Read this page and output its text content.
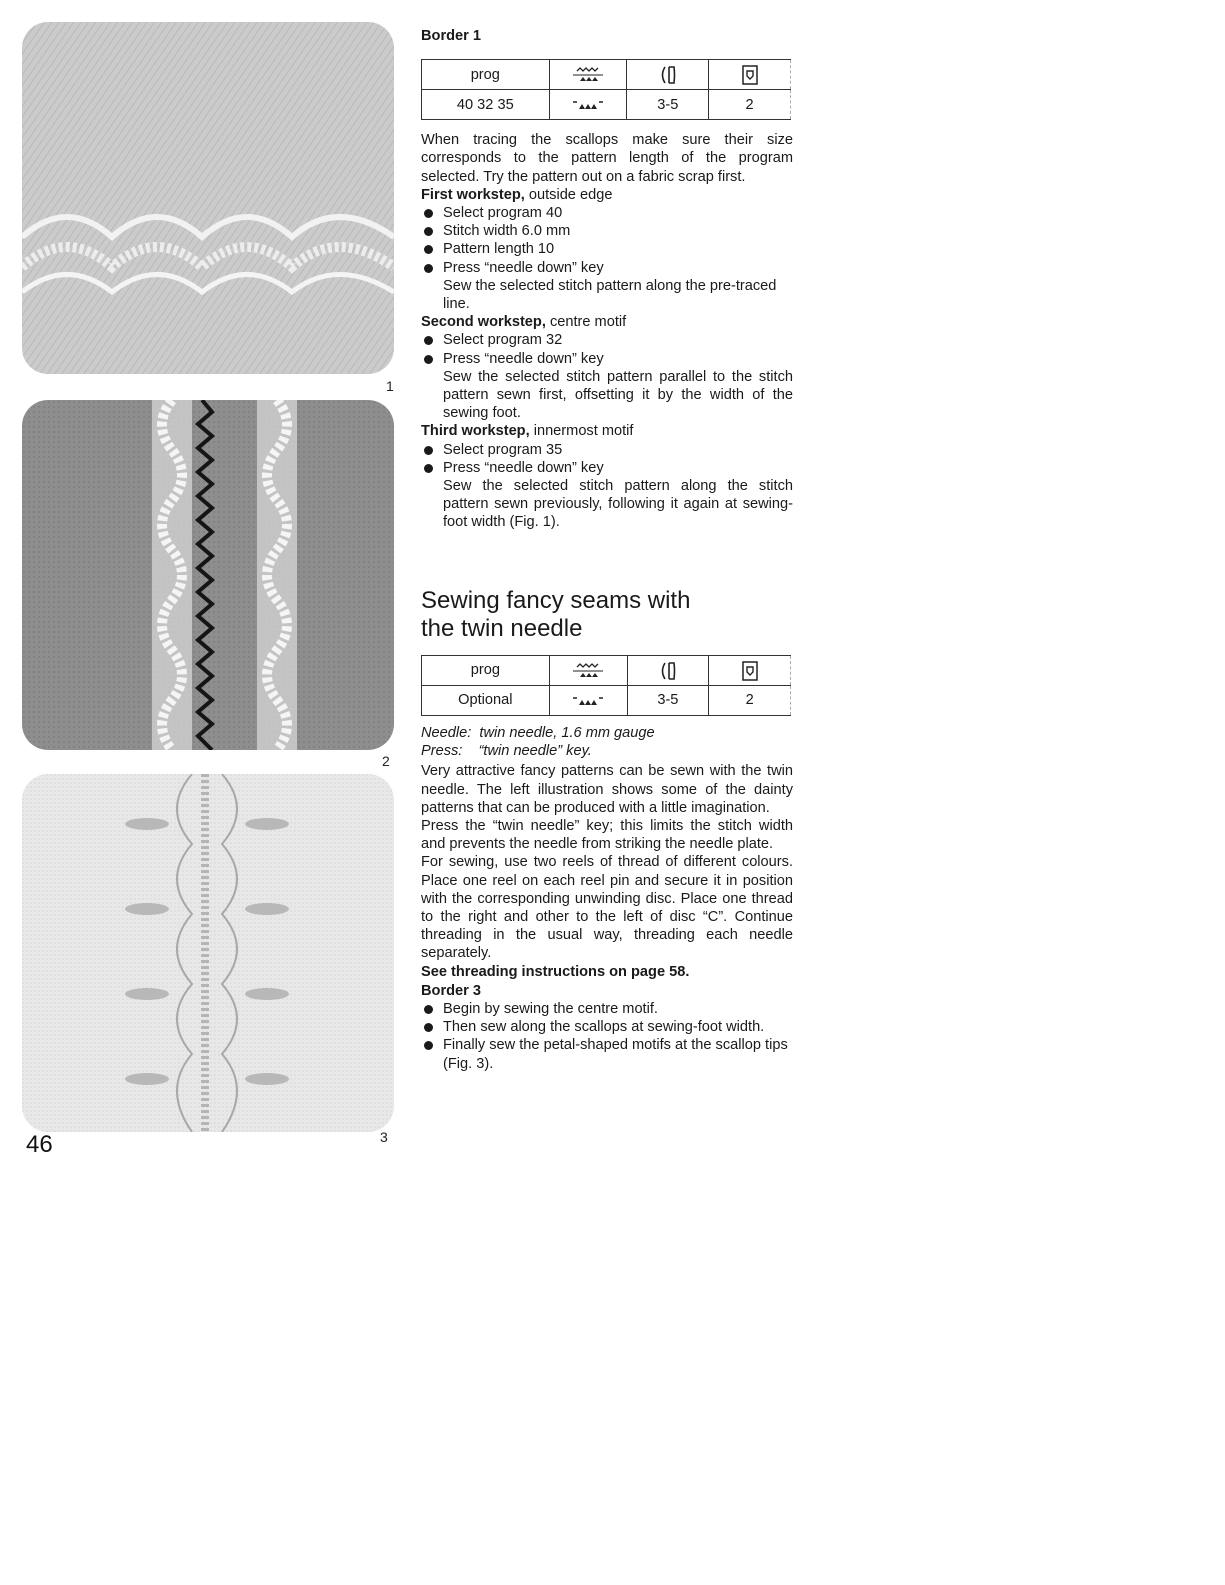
1
2
3
46
Border 1
prog			
40 32 35		3-5	2

When tracing the scallops make sure their size corresponds to the pattern length of the program selected. Try the pattern out on a fabric scrap first.

First workstep, outside edge

Select program 40
Stitch width 6.0 mm
Pattern length 10
Press “needle down” key

Sew the selected stitch pattern along the pre-traced line.

Second workstep, centre motif

Select program 32
Press “needle down” key

Sew the selected stitch pattern parallel to the stitch pattern sewn first, offsetting it by the width of the sewing foot.

Third workstep, innermost motif

Select program 35
Press “needle down” key

Sew the selected stitch pattern along the stitch pattern sewn previously, following it again at sewing-foot width (Fig. 1).

Sewing fancy seams with
the twin needle
prog			
Optional		3-5	2

Needle:  twin needle, 1.6 mm gauge

Press:    “twin needle” key.

Very attractive fancy patterns can be sewn with the twin needle. The left illustration shows some of the dainty patterns that can be produced with a little imagination.

Press the “twin needle” key; this limits the stitch width and prevents the needle from striking the needle plate.

For sewing, use two reels of thread of different colours. Place one reel on each reel pin and secure it in position with the corresponding unwinding disc. Place one thread to the right and other to the left of disc “C”. Continue threading in the usual way, threading each needle separately.

See threading instructions on page 58.

Border 3
Begin by sewing the centre motif.
Then sew along the scallops at sewing-foot width.
Finally sew the petal-shaped motifs at the scallop tips (Fig. 3).
